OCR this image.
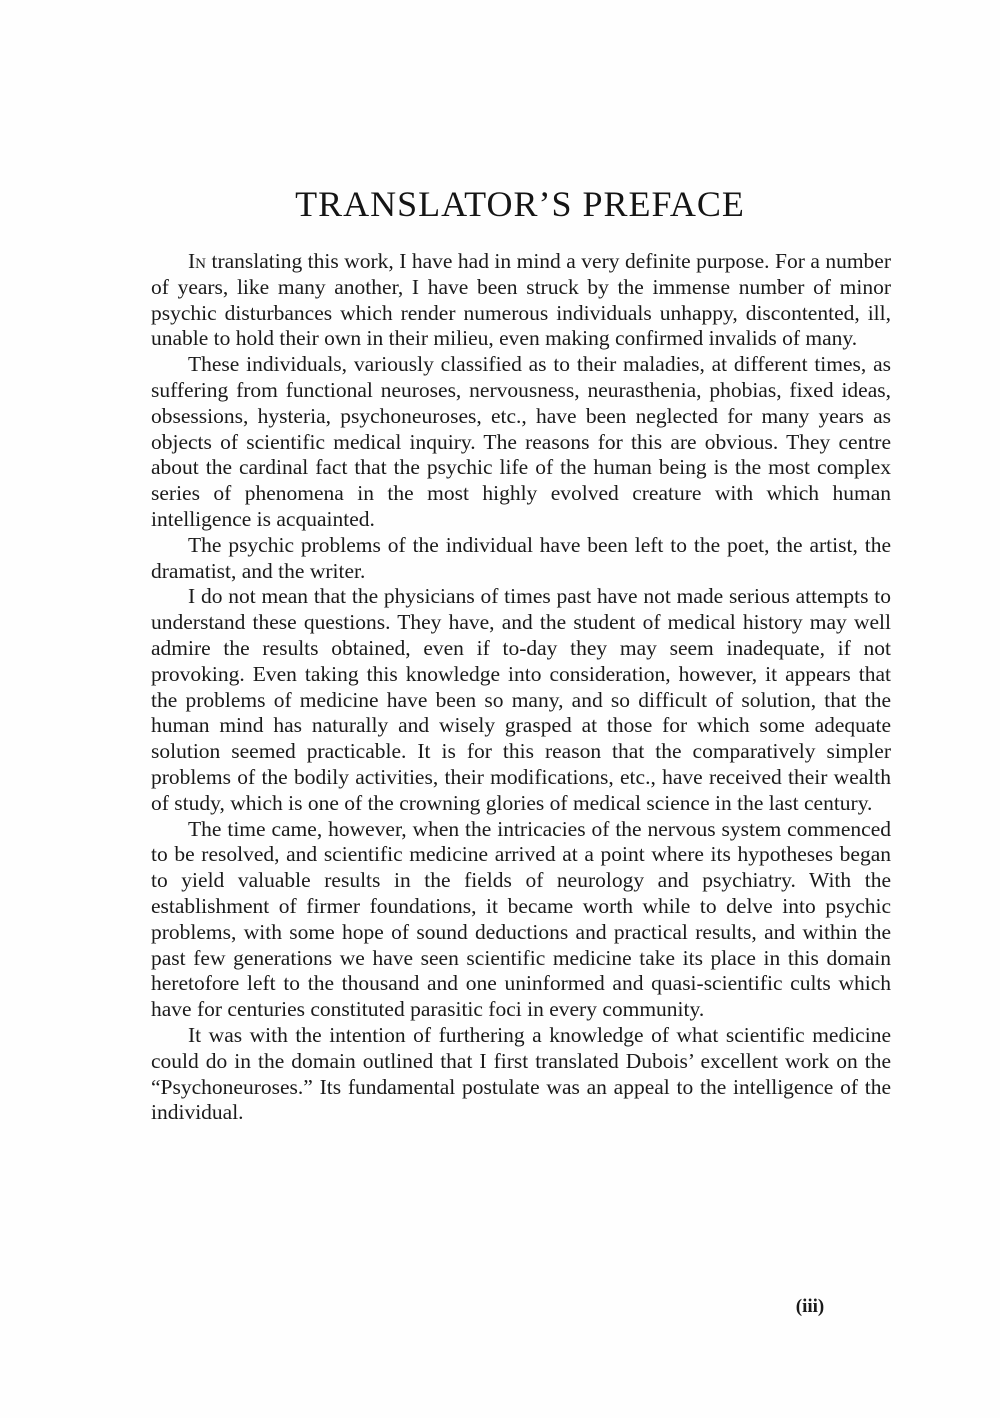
TRANSLATOR’S PREFACE

In translating this work, I have had in mind a very definite purpose. For a number of years, like many another, I have been struck by the immense number of minor psychic disturbances which render numerous individuals unhappy, discontented, ill, unable to hold their own in their milieu, even making confirmed invalids of many.

These individuals, variously classified as to their maladies, at different times, as suffering from functional neuroses, nervousness, neurasthenia, phobias, fixed ideas, obsessions, hysteria, psychoneuroses, etc., have been neglected for many years as objects of scientific medical inquiry. The reasons for this are obvious. They centre about the cardinal fact that the psychic life of the human being is the most complex series of phenomena in the most highly evolved creature with which human intelligence is acquainted.

The psychic problems of the individual have been left to the poet, the artist, the dramatist, and the writer.

I do not mean that the physicians of times past have not made serious attempts to understand these questions. They have, and the student of medical history may well admire the results obtained, even if to-day they may seem inadequate, if not provoking. Even taking this knowledge into consideration, however, it appears that the problems of medicine have been so many, and so difficult of solution, that the human mind has naturally and wisely grasped at those for which some adequate solution seemed practicable. It is for this reason that the comparatively simpler problems of the bodily activities, their modifications, etc., have received their wealth of study, which is one of the crowning glories of medical science in the last century.

The time came, however, when the intricacies of the nervous system commenced to be resolved, and scientific medicine arrived at a point where its hypotheses began to yield valuable results in the fields of neurology and psychiatry. With the establishment of firmer foundations, it became worth while to delve into psychic problems, with some hope of sound deductions and practical results, and within the past few generations we have seen scientific medicine take its place in this domain heretofore left to the thousand and one uninformed and quasi-scientific cults which have for centuries constituted parasitic foci in every community.

It was with the intention of furthering a knowledge of what scientific medicine could do in the domain outlined that I first translated Dubois’ excellent work on the “Psychoneuroses.” Its fundamental postulate was an appeal to the intelligence of the individual.

(iii)
